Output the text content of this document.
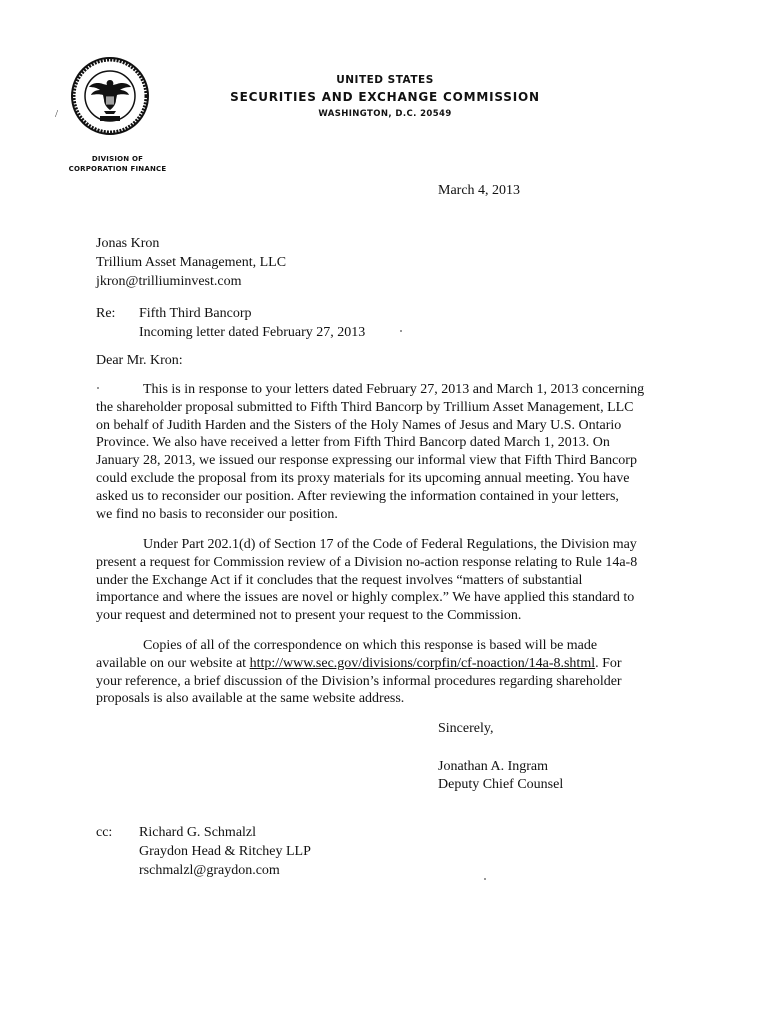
/
UNITED STATES
SECURITIES AND EXCHANGE COMMISSION
WASHINGTON, D.C. 20549
DIVISION OF
CORPORATION FINANCE
March 4, 2013
Jonas Kron
Trillium Asset Management, LLC
jkron@trilliuminvest.com
Re: Fifth Third Bancorp
Incoming letter dated February 27, 2013
Dear Mr. Kron:
This is in response to your letters dated February 27, 2013 and March 1, 2013 concerning
the shareholder proposal submitted to Fifth Third Bancorp by Trillium Asset Management, LLC
on behalf of Judith Harden and the Sisters of the Holy Names of Jesus and Mary U.S. Ontario
Province. We also have received a letter from Fifth Third Bancorp dated March 1, 2013. On
January 28, 2013, we issued our response expressing our informal view that Fifth Third Bancorp
could exclude the proposal from its proxy materials for its upcoming annual meeting. You have
asked us to reconsider our position. After reviewing the information contained in your letters,
we find no basis to reconsider our position.
Under Part 202.1(d) of Section 17 of the Code of Federal Regulations, the Division may
present a request for Commission review of a Division no-action response relating to Rule 14a-8
under the Exchange Act if it concludes that the request involves “matters of substantial
importance and where the issues are novel or highly complex.” We have applied this standard to
your request and determined not to present your request to the Commission.
Copies of all of the correspondence on which this response is based will be made
available on our website at http://www.sec.gov/divisions/corpfin/cf-noaction/14a-8.shtml. For
your reference, a brief discussion of the Division’s informal procedures regarding shareholder
proposals is also available at the same website address.
Sincerely,
Jonathan A. Ingram
Deputy Chief Counsel
cc: Richard G. Schmalzl
Graydon Head & Ritchey LLP
rschmalzl@graydon.com
